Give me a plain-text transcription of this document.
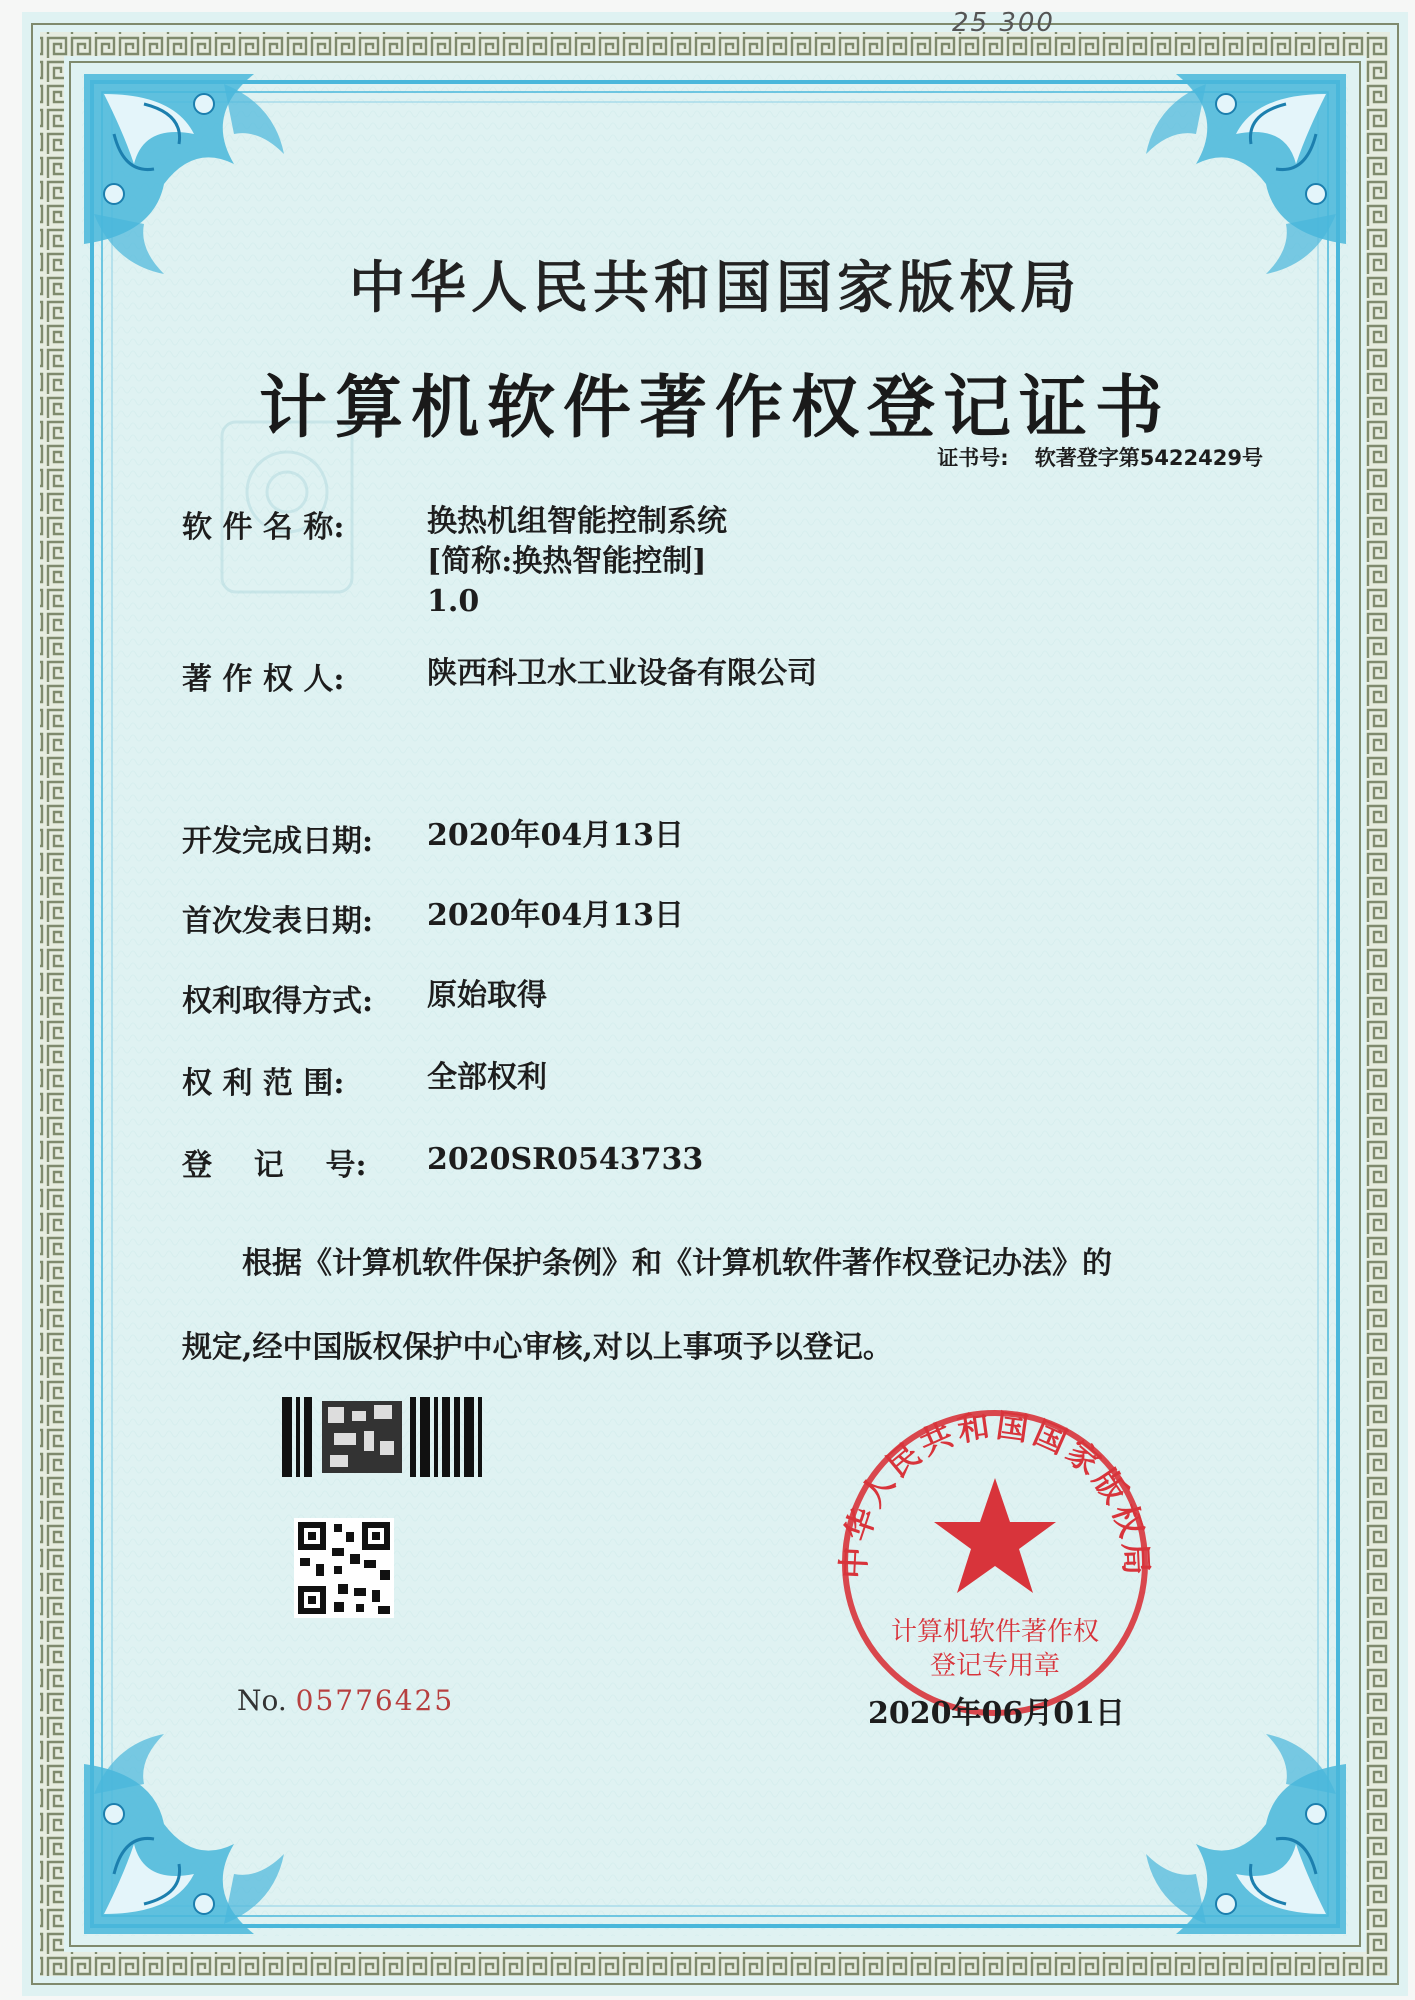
25 300
中华人民共和国国家版权局
计算机软件著作权登记证书
证书号: 软著登字第5422429号
软 件 名 称:	换热机组智能控制系统
[简称:换热智能控制]
1.0
著 作 权 人:	陕西科卫水工业设备有限公司
开发完成日期: 2020年04月13日
首次发表日期: 2020年04月13日
权利取得方式: 原始取得
权 利 范 围:	全部权利
登    记    号: 2020SR0543733
根据《计算机软件保护条例》和《计算机软件著作权登记办法》的
规定,经中国版权保护中心审核,对以上事项予以登记。
No. 05776425
中华人民共和国国家版权局
计算机软件著作权
登记专用章
2020年06月01日
